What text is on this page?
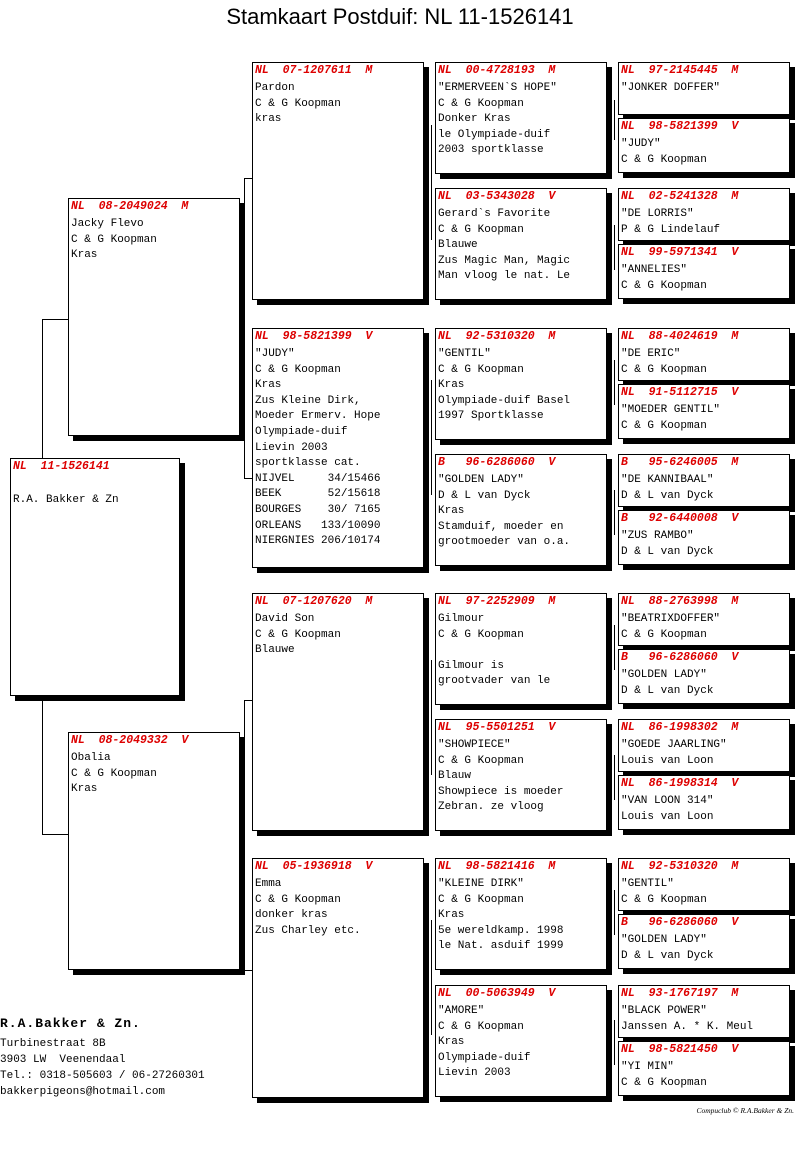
Stamkaart Postduif: NL 11-1526141
NL  11-1526141
R.A. Bakker & Zn
NL  08-2049024  M
Jacky Flevo
C & G Koopman
Kras
NL  08-2049332  V
Obalia
C & G Koopman
Kras
NL  07-1207611  M
Pardon
C & G Koopman
kras
NL  98-5821399  V
"JUDY"
C & G Koopman
Kras
Zus Kleine Dirk,
Moeder Ermerv. Hope
Olympiade-duif
Lievin 2003
sportklasse cat.
NIJVEL     34/15466
BEEK       52/15618
BOURGES    30/ 7165
ORLEANS   133/10090
NIERGNIES 206/10174
NL  07-1207620  M
David Son
C & G Koopman
Blauwe
NL  05-1936918  V
Emma
C & G Koopman
donker kras
Zus Charley etc.
NL  00-4728193  M
"ERMERVEEN`S HOPE"
C & G Koopman
Donker Kras
le Olympiade-duif
2003 sportklasse
NL  03-5343028  V
Gerard`s Favorite
C & G Koopman
Blauwe
Zus Magic Man, Magic
Man vloog le nat. Le
NL  92-5310320  M
"GENTIL"
C & G Koopman
Kras
Olympiade-duif Basel
1997 Sportklasse
B   96-6286060  V
"GOLDEN LADY"
D & L van Dyck
Kras
Stamduif, moeder en
grootmoeder van o.a.
NL  97-2252909  M
Gilmour
C & G Koopman
Gilmour is
grootvader van le
NL  95-5501251  V
"SHOWPIECE"
C & G Koopman
Blauw
Showpiece is moeder
Zebran. ze vloog
NL  98-5821416  M
"KLEINE DIRK"
C & G Koopman
Kras
5e wereldkamp. 1998
le Nat. asduif 1999
NL  00-5063949  V
"AMORE"
C & G Koopman
Kras
Olympiade-duif
Lievin 2003
NL  97-2145445  M
"JONKER DOFFER"
NL  98-5821399  V
"JUDY"
C & G Koopman
NL  02-5241328  M
"DE LORRIS"
P & G Lindelauf
NL  99-5971341  V
"ANNELIES"
C & G Koopman
NL  88-4024619  M
"DE ERIC"
C & G Koopman
NL  91-5112715  V
"MOEDER GENTIL"
C & G Koopman
B   95-6246005  M
"DE KANNIBAAL"
D & L van Dyck
B   92-6440008  V
"ZUS RAMBO"
D & L van Dyck
NL  88-2763998  M
"BEATRIXDOFFER"
C & G Koopman
B   96-6286060  V
"GOLDEN LADY"
D & L van Dyck
NL  86-1998302  M
"GOEDE JAARLING"
Louis van Loon
NL  86-1998314  V
"VAN LOON 314"
Louis van Loon
NL  92-5310320  M
"GENTIL"
C & G Koopman
B   96-6286060  V
"GOLDEN LADY"
D & L van Dyck
NL  93-1767197  M
"BLACK POWER"
Janssen A. * K. Meul
NL  98-5821450  V
"YI MIN"
C & G Koopman
R.A.Bakker & Zn.
Turbinestraat 8B
3903 LW  Veenendaal
Tel.: 0318-505603 / 06-27260301
bakkerpigeons@hotmail.com
Compuclub © R.A.Bakker & Zn.
